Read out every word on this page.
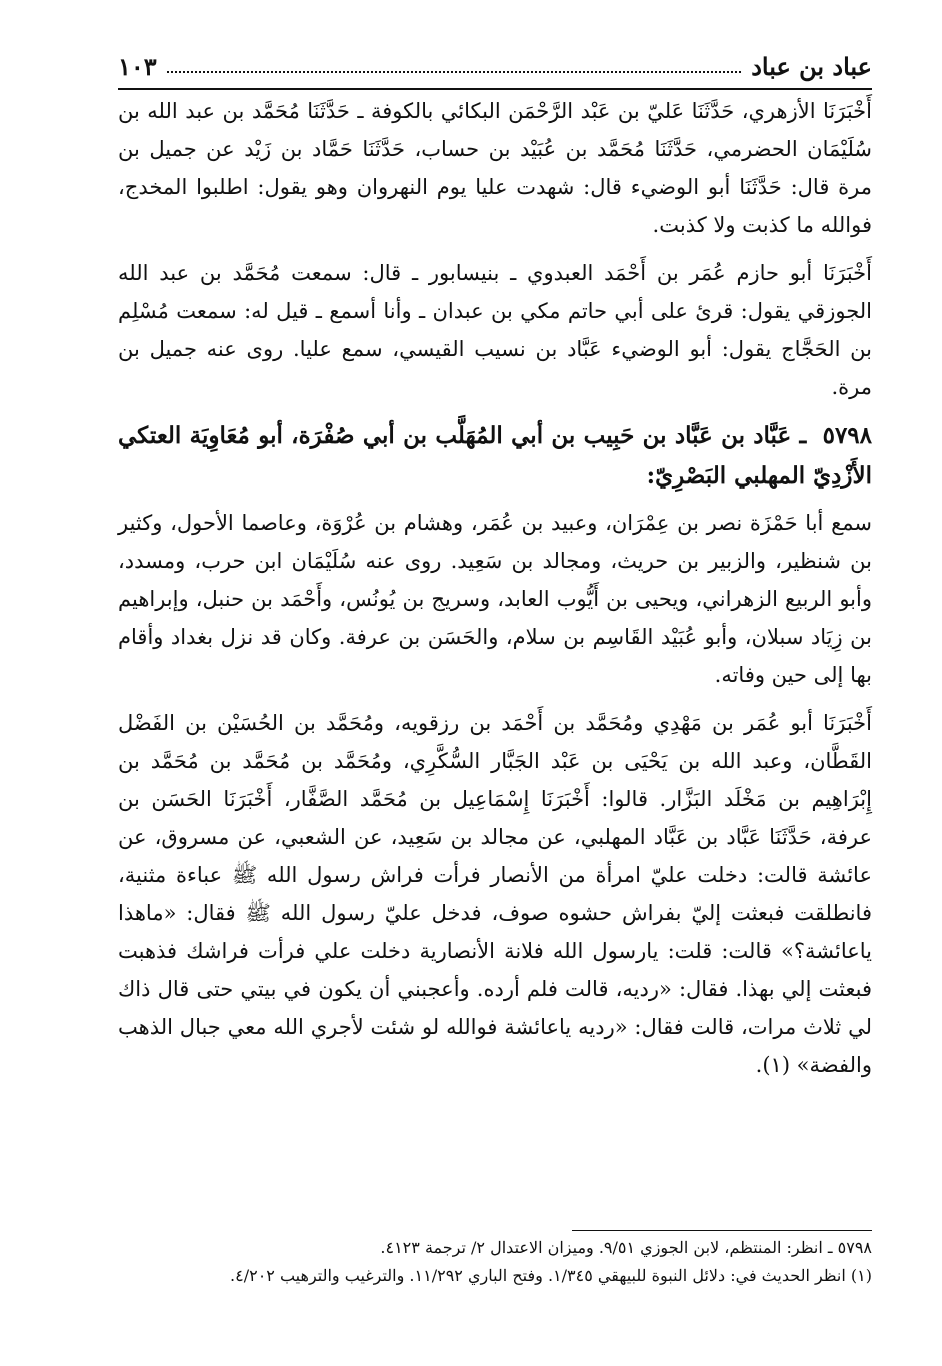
عباد بن عباد
١٠٣

أَخْبَرَنَا الأزهري، حَدَّثَنَا عَليّ بن عَبْد الرَّحْمَن البكائي بالكوفة ـ حَدَّثَنَا مُحَمَّد بن عبد الله بن سُلَيْمَان الحضرمي، حَدَّثَنَا مُحَمَّد بن عُبَيْد بن حساب، حَدَّثَنَا حَمَّاد بن زَيْد عن جميل بن مرة قال: حَدَّثَنَا أبو الوضيء قال: شهدت عليا يوم النهروان وهو يقول: اطلبوا المخدج، فوالله ما كذبت ولا كذبت.

أَخْبَرَنَا أبو حازم عُمَر بن أَحْمَد العبدوي ـ بنيسابور ـ قال: سمعت مُحَمَّد بن عبد الله الجوزقي يقول: قرئ على أبي حاتم مكي بن عبدان ـ وأنا أسمع ـ قيل له: سمعت مُسْلِم بن الحَجَّاج يقول: أبو الوضيء عَبَّاد بن نسيب القيسي، سمع عليا. روى عنه جميل بن مرة.

٥٧٩٨ ـ عَبَّاد بن عَبَّاد بن حَبِيب بن أبي المُهَلَّب بن أبي صُفْرَة، أبو مُعَاوِيَة العتكي الأَزْدِيّ المهلبي البَصْرِيّ:

سمع أبا حَمْزَة نصر بن عِمْرَان، وعبيد بن عُمَر، وهشام بن عُرْوَة، وعاصما الأحول، وكثير بن شنظير، والزبير بن حريث، ومجالد بن سَعِيد. روى عنه سُلَيْمَان ابن حرب، ومسدد، وأبو الربيع الزهراني، ويحيى بن أَيُّوب العابد، وسريج بن يُونُس، وأَحْمَد بن حنبل، وإبراهيم بن زِيَاد سبلان، وأبو عُبَيْد القَاسِم بن سلام، والحَسَن بن عرفة. وكان قد نزل بغداد وأقام بها إلى حين وفاته.

أَخْبَرَنَا أبو عُمَر بن مَهْدِي ومُحَمَّد بن أَحْمَد بن رزقويه، ومُحَمَّد بن الحُسَيْن بن الفَضْل القَطَّان، وعبد الله بن يَحْيَى بن عَبْد الجَبَّار السُّكَّرِي، ومُحَمَّد بن مُحَمَّد بن مُحَمَّد بن إِبْرَاهِيم بن مَخْلَد البَزَّار. قالوا: أَخْبَرَنَا إِسْمَاعِيل بن مُحَمَّد الصَّفَّار، أَخْبَرَنَا الحَسَن بن عرفة، حَدَّثَنَا عَبَّاد بن عَبَّاد المهلبي، عن مجالد بن سَعِيد، عن الشعبي، عن مسروق، عن عائشة قالت: دخلت عليّ امرأة من الأنصار فرأت فراش رسول الله ﷺ عباءة مثنية، فانطلقت فبعثت إليّ بفراش حشوه صوف، فدخل عليّ رسول الله ﷺ فقال: «ماهذا ياعائشة؟» قالت: قلت: يارسول الله فلانة الأنصارية دخلت علي فرأت فراشك فذهبت فبعثت إلي بهذا. فقال: «رديه، قالت فلم أرده. وأعجبني أن يكون في بيتي حتى قال ذاك لي ثلاث مرات، قالت فقال: «رديه ياعائشة فوالله لو شئت لأجري الله معي جبال الذهب والفضة» (١).

٥٧٩٨ ـ انظر: المنتظم، لابن الجوزي ٩/٥١. وميزان الاعتدال ٢/ ترجمة ٤١٢٣.

(١) انظر الحديث في: دلائل النبوة للبيهقي ١/٣٤٥. وفتح الباري ١١/٢٩٢. والترغيب والترهيب ٤/٢٠٢.
